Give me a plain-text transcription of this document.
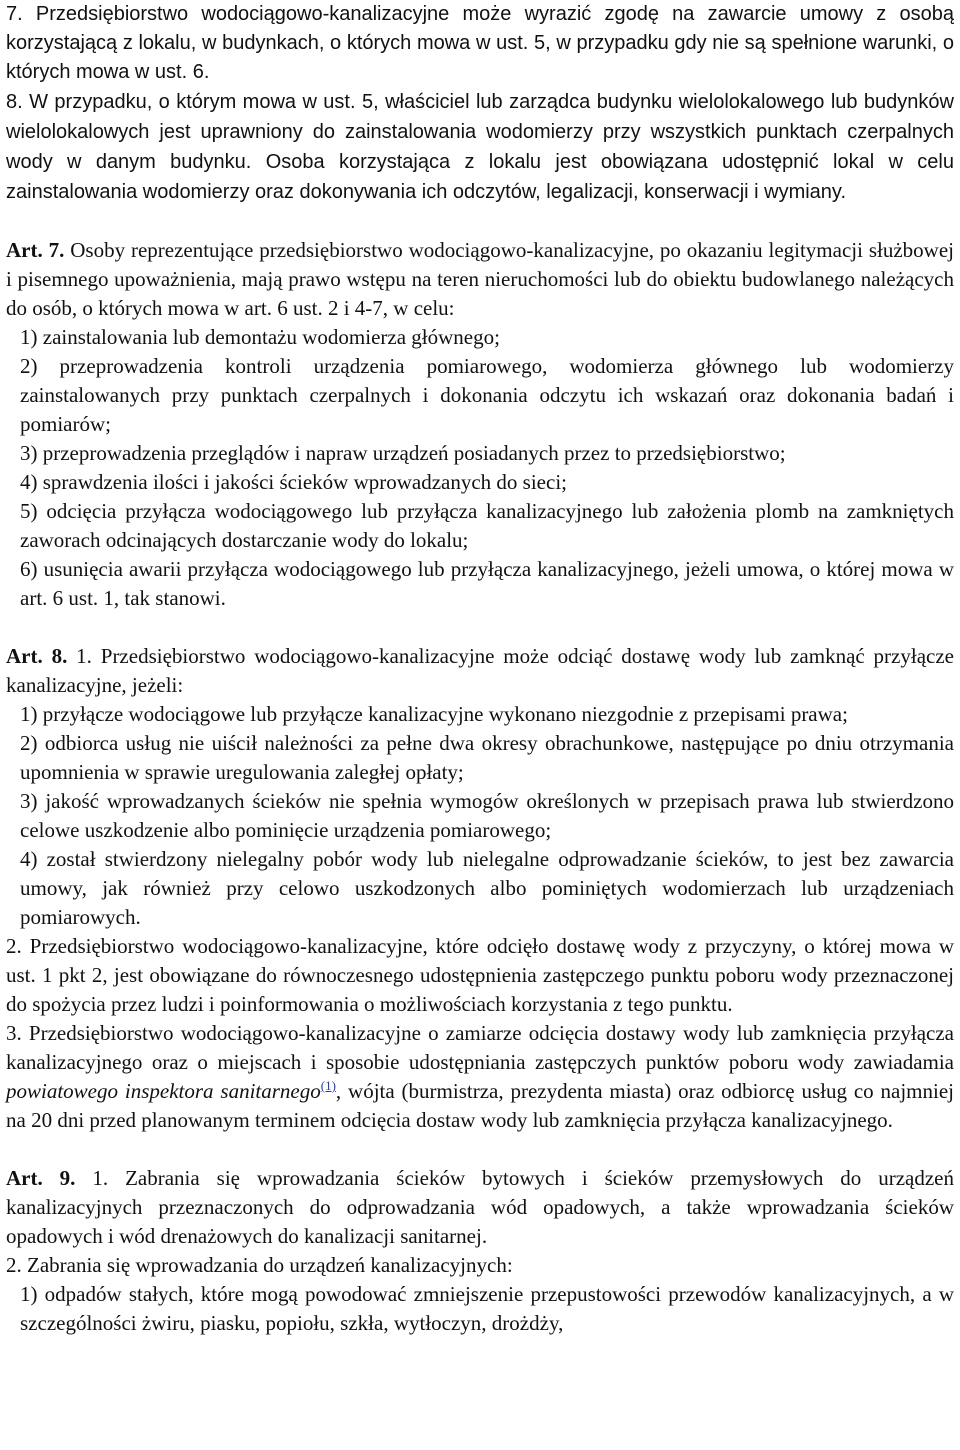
7. Przedsiębiorstwo wodociągowo-kanalizacyjne może wyrazić zgodę na zawarcie umowy z osobą korzystającą z lokalu, w budynkach, o których mowa w ust. 5, w przypadku gdy nie są spełnione warunki, o których mowa w ust. 6.

8. W przypadku, o którym mowa w ust. 5, właściciel lub zarządca budynku wielolokalowego lub budynków wielolokalowych jest uprawniony do zainstalowania wodomierzy przy wszystkich punktach czerpalnych wody w danym budynku. Osoba korzystająca z lokalu jest obowiązana udostępnić lokal w celu zainstalowania wodomierzy oraz dokonywania ich odczytów, legalizacji, konserwacji i wymiany.

Art. 7. Osoby reprezentujące przedsiębiorstwo wodociągowo-kanalizacyjne, po okazaniu legitymacji służbowej i pisemnego upoważnienia, mają prawo wstępu na teren nieruchomości lub do obiektu budowlanego należących do osób, o których mowa w art. 6 ust. 2 i 4-7, w celu:

1) zainstalowania lub demontażu wodomierza głównego;

2) przeprowadzenia kontroli urządzenia pomiarowego, wodomierza głównego lub wodomierzy zainstalowanych przy punktach czerpalnych i dokonania odczytu ich wskazań oraz dokonania badań i pomiarów;

3) przeprowadzenia przeglądów i napraw urządzeń posiadanych przez to przedsiębiorstwo;

4) sprawdzenia ilości i jakości ścieków wprowadzanych do sieci;

5) odcięcia przyłącza wodociągowego lub przyłącza kanalizacyjnego lub założenia plomb na zamkniętych zaworach odcinających dostarczanie wody do lokalu;

6) usunięcia awarii przyłącza wodociągowego lub przyłącza kanalizacyjnego, jeżeli umowa, o której mowa w art. 6 ust. 1, tak stanowi.

Art. 8. 1. Przedsiębiorstwo wodociągowo-kanalizacyjne może odciąć dostawę wody lub zamknąć przyłącze kanalizacyjne, jeżeli:

1) przyłącze wodociągowe lub przyłącze kanalizacyjne wykonano niezgodnie z przepisami prawa;

2) odbiorca usług nie uiścił należności za pełne dwa okresy obrachunkowe, następujące po dniu otrzymania upomnienia w sprawie uregulowania zaległej opłaty;

3) jakość wprowadzanych ścieków nie spełnia wymogów określonych w przepisach prawa lub stwierdzono celowe uszkodzenie albo pominięcie urządzenia pomiarowego;

4) został stwierdzony nielegalny pobór wody lub nielegalne odprowadzanie ścieków, to jest bez zawarcia umowy, jak również przy celowo uszkodzonych albo pominiętych wodomierzach lub urządzeniach pomiarowych.

2. Przedsiębiorstwo wodociągowo-kanalizacyjne, które odcięło dostawę wody z przyczyny, o której mowa w ust. 1 pkt 2, jest obowiązane do równoczesnego udostępnienia zastępczego punktu poboru wody przeznaczonej do spożycia przez ludzi i poinformowania o możliwościach korzystania z tego punktu.

3. Przedsiębiorstwo wodociągowo-kanalizacyjne o zamiarze odcięcia dostawy wody lub zamknięcia przyłącza kanalizacyjnego oraz o miejscach i sposobie udostępniania zastępczych punktów poboru wody zawiadamia powiatowego inspektora sanitarnego$^{(1)}$, wójta (burmistrza, prezydenta miasta) oraz odbiorcę usług co najmniej na 20 dni przed planowanym terminem odcięcia dostaw wody lub zamknięcia przyłącza kanalizacyjnego.

Art. 9. 1. Zabrania się wprowadzania ścieków bytowych i ścieków przemysłowych do urządzeń kanalizacyjnych przeznaczonych do odprowadzania wód opadowych, a także wprowadzania ścieków opadowych i wód drenażowych do kanalizacji sanitarnej.

2. Zabrania się wprowadzania do urządzeń kanalizacyjnych:

1) odpadów stałych, które mogą powodować zmniejszenie przepustowości przewodów kanalizacyjnych, a w szczególności żwiru, piasku, popiołu, szkła, wytłoczyn, drożdży,
